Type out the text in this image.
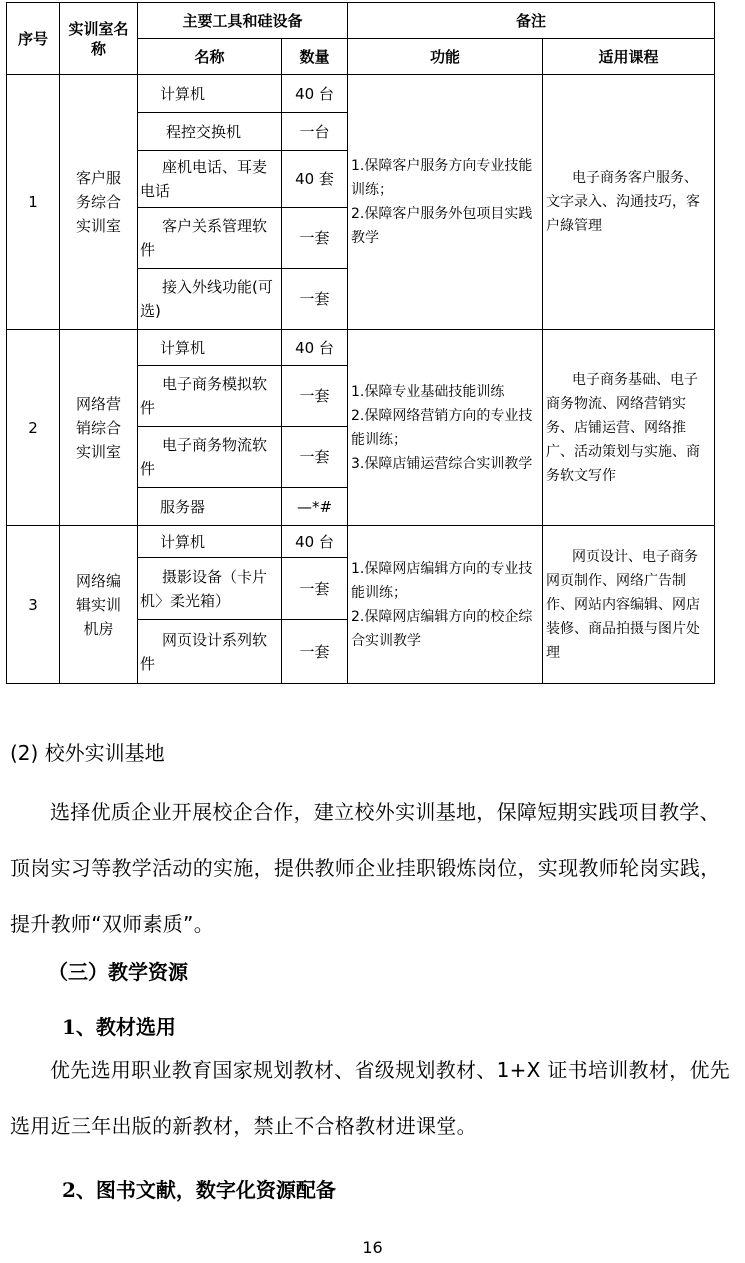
序号	实训室名称	主要工具和硅设备		备注	
		名称	数量	功能	适用课程
1	客户服务综合实训室	计算机	40 台	1.保障客户服务方向专业技能训练；
2.保障客户服务外包项目实践教学	电子商务客户服务、文字录入、沟通技巧，客户綠管理
		程控交换机	一台		
		座机电话、耳麦电话	40 套		
		客户关系管理软件	一套		
		接入外线功能(可选)	一套		
2	网络营销综合实训室	计算机	40 台	1.保障专业基础技能训练
2.保障网络营销方向的专业技能训练；
3.保障店铺运营综合实训教学	电子商务基础、电子商务物流、网络营销实务、店铺运营、网络推广、活动策划与实施、商务软文写作
		电子商务模拟软件	一套		
		电子商务物流软件	一套		
		服务器	—*#		
3	网络编辑实训机房	计算机	40 台	1.保障网店编辑方向的专业技能训练；
2.保障网店编辑方向的校企综合实训教学	网页设计、电子商务网页制作、网络广告制作、网站内容编辑、网店装修、商品拍摄与图片处理
		摄影设备（卡片机〉柔光箱）	一套		
		网页设计系列软件	一套		
(2) 校外实训基地
选择优质企业开展校企合作，建立校外实训基地，保障短期实践项目教学、 顶岗实习等教学活动的实施，提供教师企业挂职锻炼岗位，实现教师轮岗实践， 提升教师“双师素质”。
（三）教学资源
1、教材选用
优先选用职业教育国家规划教材、省级规划教材、1+X 证书培训教材，优先选用近三年出版的新教材，禁止不合格教材进课堂。
2、图书文献，数字化资源配备
16
